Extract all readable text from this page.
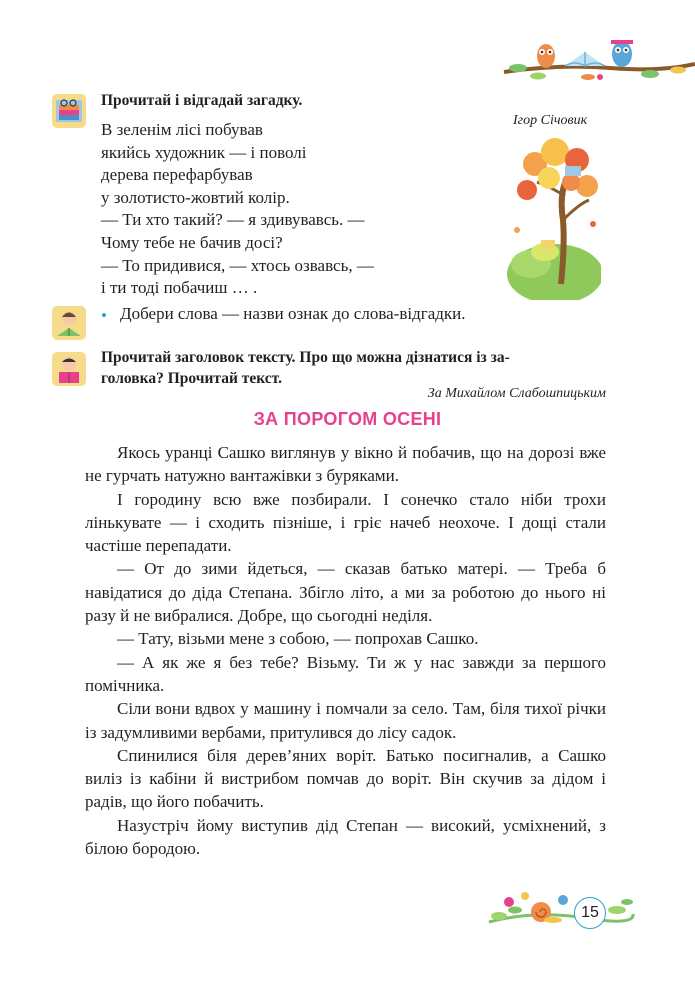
Прочитай і відгадай загадку.
Ігор Січовик
В зеленім лісі побував
якийсь художник — і поволі
дерева перефарбував
у золотисто-жовтий колір.
— Ти хто такий? — я здивувавсь. —
Чому тебе не бачив досі?
— То придивися, — хтось озвавсь, —
і ти тоді побачиш … .
• Добери слова — назви ознак до слова-відгадки.
Прочитай заголовок тексту. Про що можна дізнатися із за-
головка? Прочитай текст.
За Михайлом Слабошпицьким
ЗА ПОРОГОМ ОСЕНІ

Якось уранці Сашко виглянув у вікно й побачив, що на дорозі вже не гурчать натужно вантажівки з буряками.

І городину всю вже позбирали. І сонечко стало ніби трохи лінькувате — і сходить пізніше, і гріє начеб неохоче. І дощі стали частіше перепадати.

— От до зими йдеться, — сказав батько матері. — Треба б навідатися до діда Степана. Збігло літо, а ми за роботою до нього ні разу й не вибралися. Добре, що сьогодні неділя.

— Тату, візьми мене з собою, — попрохав Сашко.

— А як же я без тебе? Візьму. Ти ж у нас завжди за першого помічника.

Сіли вони вдвох у машину і помчали за село. Там, біля тихої річки із задумливими вербами, притулився до лісу садок.

Спинилися біля дерев’яних воріт. Батько посигналив, а Сашко виліз із кабіни й вистрибом помчав до воріт. Він скучив за дідом і радів, що його побачить.

Назустріч йому виступив дід Степан — високий, усміхнений, з білою бородою.

15
